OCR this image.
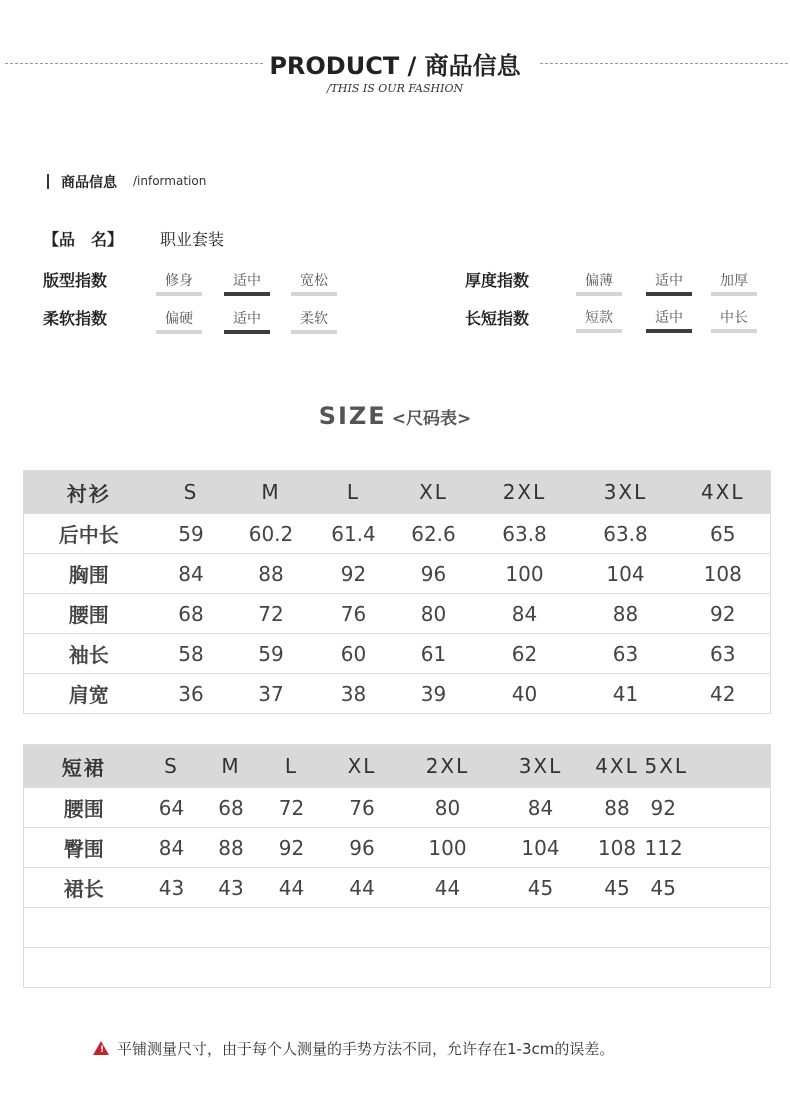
PRODUCT / 商品信息
/THIS IS OUR FASHION
商品信息 /information
【品　名】 职业套装
版型指数	修身	适中	宽松	厚度指数	偏薄	适中	加厚
柔软指数	偏硬	适中	柔软	长短指数	短款	适中	中长
SIZE <尺码表>
衬衫	S	M	L	XL	2XL	3XL	4XL
后中长	59	60.2	61.4	62.6	63.8	63.8	65
胸围	84	88	92	96	100	104	108
腰围	68	72	76	80	84	88	92
袖长	58	59	60	61	62	63	63
肩宽	36	37	38	39	40	41	42
短裙	S	M	L	XL	2XL	3XL	4XL	5XL
腰围	64	68	72	76	80	84	88	92
臀围	84	88	92	96	100	104	108	112
裙长	43	43	44	44	44	45	45	45

! 平铺测量尺寸，由于每个人测量的手势方法不同，允许存在1-3cm的误差。
